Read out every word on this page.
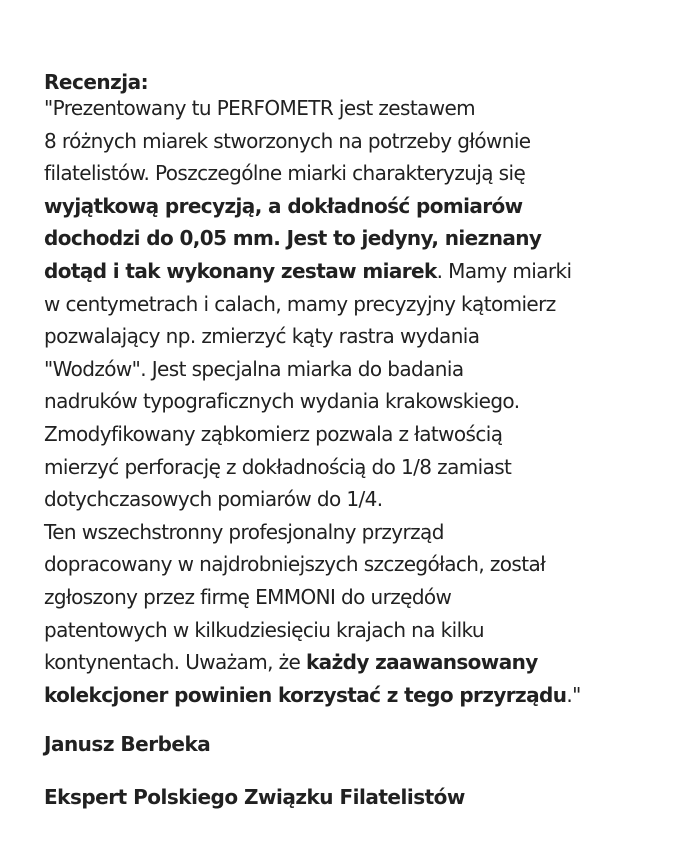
Recenzja:
"Prezentowany tu PERFOMETR jest zestawem
8 różnych miarek stworzonych na potrzeby głównie
filatelistów. Poszczególne miarki charakteryzują się
wyjątkową precyzją, a dokładność pomiarów
dochodzi do 0,05 mm. Jest to jedyny, nieznany
dotąd i tak wykonany zestaw miarek. Mamy miarki
w centymetrach i calach, mamy precyzyjny kątomierz
pozwalający np. zmierzyć kąty rastra wydania
"Wodzów". Jest specjalna miarka do badania
nadruków typograficznych wydania krakowskiego.
Zmodyfikowany ząbkomierz pozwala z łatwością
mierzyć perforację z dokładnością do 1/8 zamiast
dotychczasowych pomiarów do 1/4.
Ten wszechstronny profesjonalny przyrząd
dopracowany w najdrobniejszych szczegółach, został
zgłoszony przez firmę EMMONI do urzędów
patentowych w kilkudziesięciu krajach na kilku
kontynentach. Uważam, że każdy zaawansowany
kolekcjoner powinien korzystać z tego przyrządu."
Janusz Berbeka
Ekspert Polskiego Związku Filatelistów
